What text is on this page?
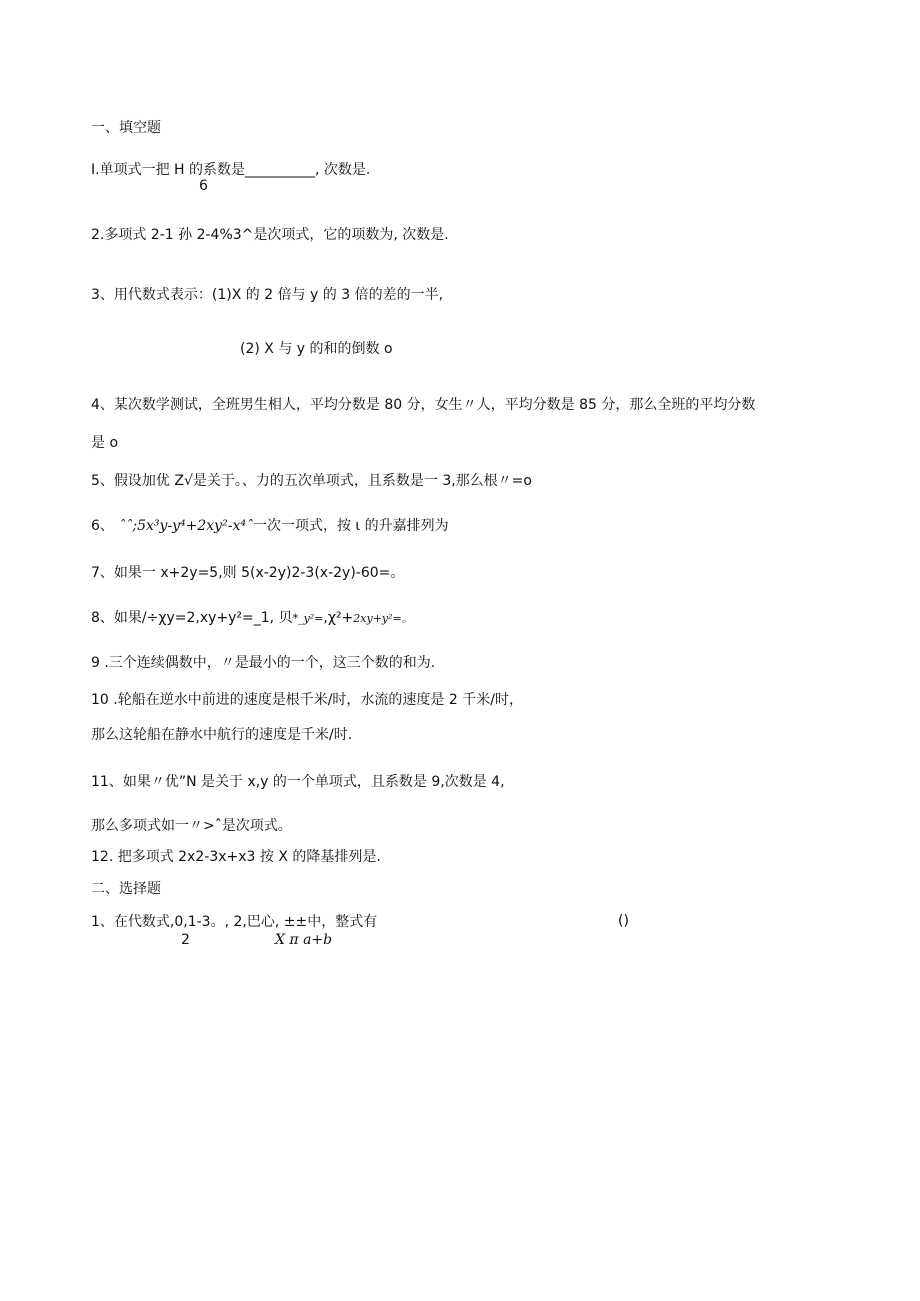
一、填空题
I.单项式一把 H 的系数是__________, 次数是.
6
2.多项式 2-1 孙 2-4%3^是次项式，它的项数为, 次数是.
3、用代数式表示：(1)X 的 2 倍与 y 的 3 倍的差的一半,
(2) X 与 y 的和的倒数 o
4、某次数学测试，全班男生相人，平均分数是 80 分，女生〃人，平均分数是 85 分，那么全班的平均分数
是 o
5、假设加优 Z√是关于。、力的五次单项式，且系数是一 3,那么根〃=o
6、 ˆˆ;5x³y-y⁴+2xy²-x⁴ˆ一次一项式，按 ι 的升嘉排列为
7、如果一 x+2y=5,则 5(x-2y)2-3(x-2y)-60=。
8、如果/÷χy=2,xy+y²=_1, 贝*_y²=,χ²+2xy+y²=。
9 .三个连续偶数中，〃是最小的一个，这三个数的和为.
10 .轮船在逆水中前进的速度是根千米/时，水流的速度是 2 千米/时，
那么这轮船在静水中航行的速度是千米/时.
11、如果〃优”N 是关于 x,y 的一个单项式，且系数是 9,次数是 4,
那么多项式如一〃>ˆ是次项式。
12. 把多项式 2x2-3x+x3 按 X 的降基排列是.
二、选择题
1、在代数式,0,1-3。, 2,巴心, ±±中，整式有	()
2	X π a+b
